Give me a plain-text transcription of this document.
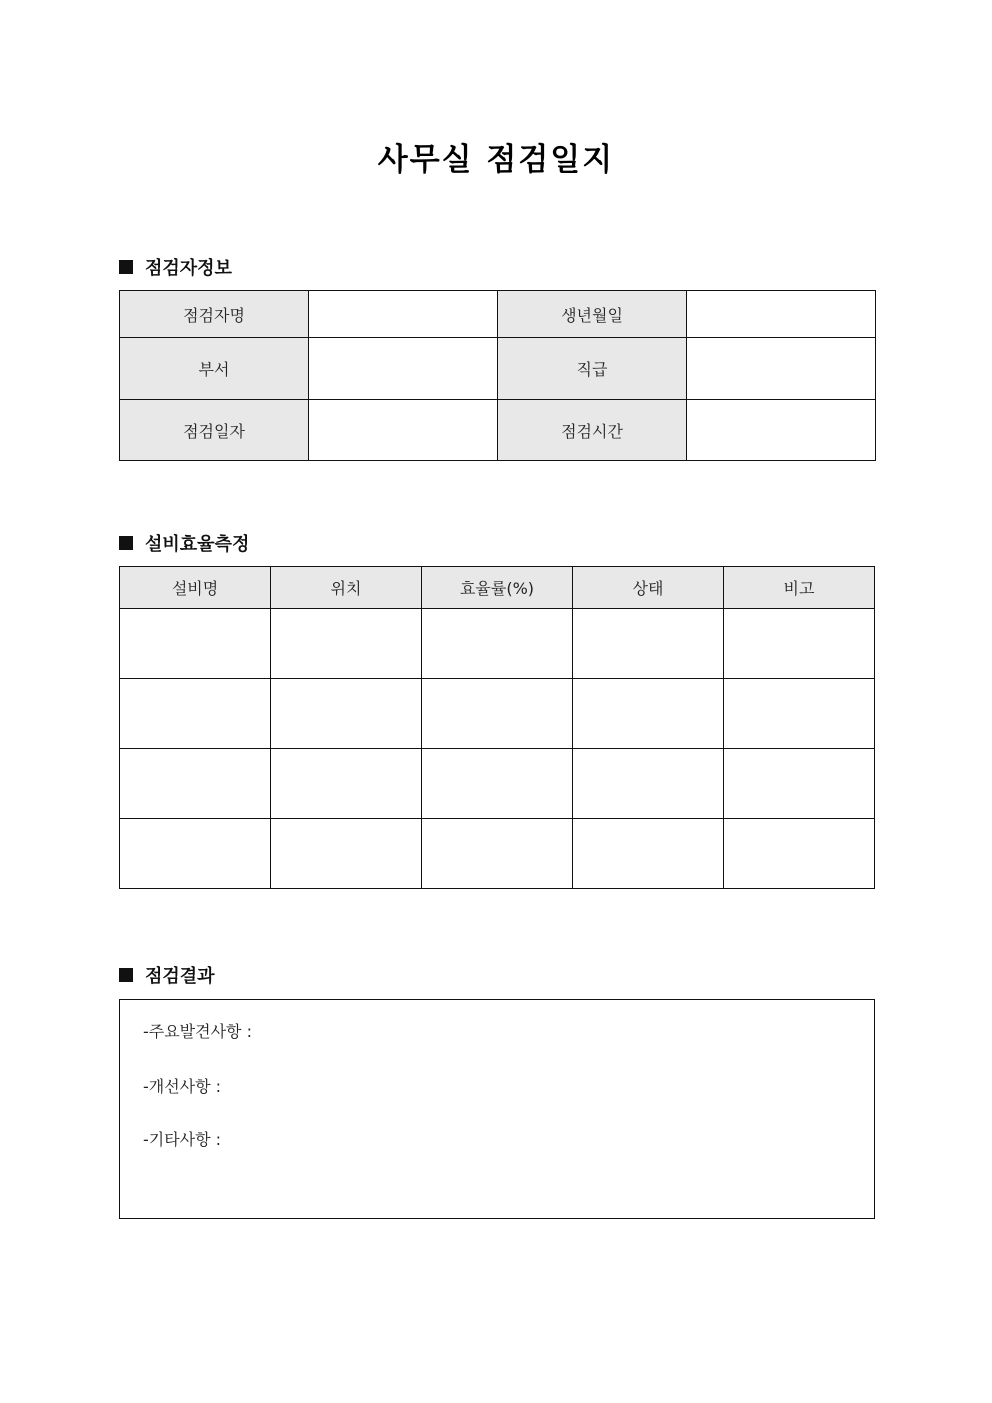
사무실 점검일지
점검자정보
점검자명		생년월일	
부서		직급	
점검일자		점검시간	
설비효율측정
설비명	위치	효율률(%)	상태	비고

점검결과
-주요발견사항 :
-개선사항 :
-기타사항 :
